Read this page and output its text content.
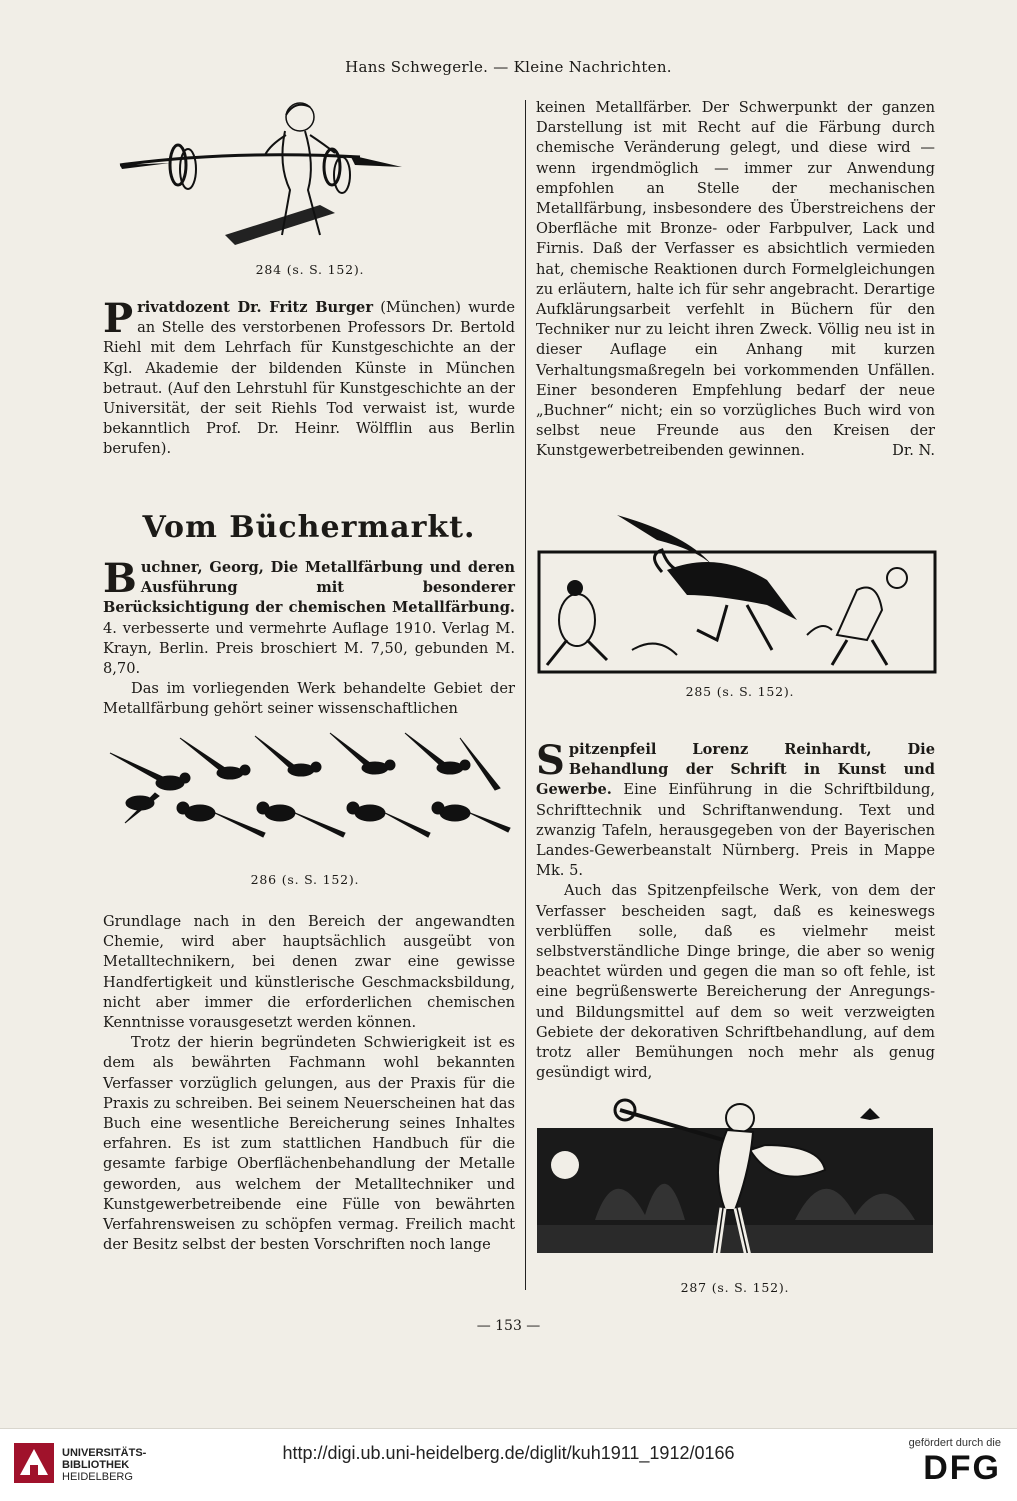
Hans Schwegerle. — Kleine Nachrichten.
284 (s. S. 152).

Privatdozent Dr. Fritz Burger (München) wurde an Stelle des verstorbenen Professors Dr. Bertold Riehl mit dem Lehrfach für Kunstgeschichte an der Kgl. Akademie der bildenden Künste in München betraut. (Auf den Lehrstuhl für Kunstgeschichte an der Universität, der seit Riehls Tod verwaist ist, wurde bekanntlich Prof. Dr. Heinr. Wölfflin aus Berlin berufen).

Vom Büchermarkt.

Buchner, Georg, Die Metallfärbung und deren Ausführung mit besonderer Berücksichtigung der chemischen Metallfärbung. 4. verbesserte und vermehrte Auflage 1910. Verlag M. Krayn, Berlin. Preis broschiert M. 7,50, gebunden M. 8,70.

Das im vorliegenden Werk behandelte Gebiet der Metallfärbung gehört seiner wissenschaftlichen

286 (s. S. 152).

Grundlage nach in den Bereich der angewandten Chemie, wird aber hauptsächlich ausgeübt von Metalltechnikern, bei denen zwar eine gewisse Handfertigkeit und künstlerische Geschmacksbildung, nicht aber immer die erforderlichen chemischen Kenntnisse vorausgesetzt werden können.

Trotz der hierin begründeten Schwierigkeit ist es dem als bewährten Fachmann wohl bekannten Verfasser vorzüglich gelungen, aus der Praxis für die Praxis zu schreiben. Bei seinem Neuerscheinen hat das Buch eine wesentliche Bereicherung seines Inhaltes erfahren. Es ist zum stattlichen Handbuch für die gesamte farbige Oberflächenbehandlung der Metalle geworden, aus welchem der Metalltechniker und Kunstgewerbetreibende eine Fülle von bewährten Verfahrensweisen zu schöpfen vermag. Freilich macht der Besitz selbst der besten Vorschriften noch lange

keinen Metallfärber. Der Schwerpunkt der ganzen Darstellung ist mit Recht auf die Färbung durch chemische Veränderung gelegt, und diese wird — wenn irgendmöglich — immer zur Anwendung empfohlen an Stelle der mechanischen Metallfärbung, insbesondere des Überstreichens der Oberfläche mit Bronze- oder Farbpulver, Lack und Firnis. Daß der Verfasser es absichtlich vermieden hat, chemische Reaktionen durch Formelgleichungen zu erläutern, halte ich für sehr angebracht. Derartige Aufklärungsarbeit verfehlt in Büchern für den Techniker nur zu leicht ihren Zweck. Völlig neu ist in dieser Auflage ein Anhang mit kurzen Verhaltungsmaßregeln bei vorkommenden Unfällen. Einer besonderen Empfehlung bedarf der neue „Buchner“ nicht; ein so vorzügliches Buch wird von selbst neue Freunde aus den Kreisen der Kunstgewerbetreibenden gewinnen.	Dr. N.

285 (s. S. 152).

Spitzenpfeil Lorenz Reinhardt, Die Behandlung der Schrift in Kunst und Gewerbe. Eine Einführung in die Schriftbildung, Schrifttechnik und Schriftanwendung. Text und zwanzig Tafeln, herausgegeben von der Bayerischen Landes-Gewerbeanstalt Nürnberg. Preis in Mappe Mk. 5.

Auch das Spitzenpfeilsche Werk, von dem der Verfasser bescheiden sagt, daß es keineswegs verblüffen solle, daß es vielmehr meist selbstverständliche Dinge bringe, die aber so wenig beachtet würden und gegen die man so oft fehle, ist eine begrüßenswerte Bereicherung der Anregungs- und Bildungsmittel auf dem so weit verzweigten Gebiete der dekorativen Schriftbehandlung, auf dem trotz aller Bemühungen noch mehr als genug gesündigt wird,

287 (s. S. 152).
— 153 —
UNIVERSITÄTS-
BIBLIOTHEK
HEIDELBERG
http://digi.ub.uni-heidelberg.de/diglit/kuh1911_1912/0166	gefördert durch die
DFG
